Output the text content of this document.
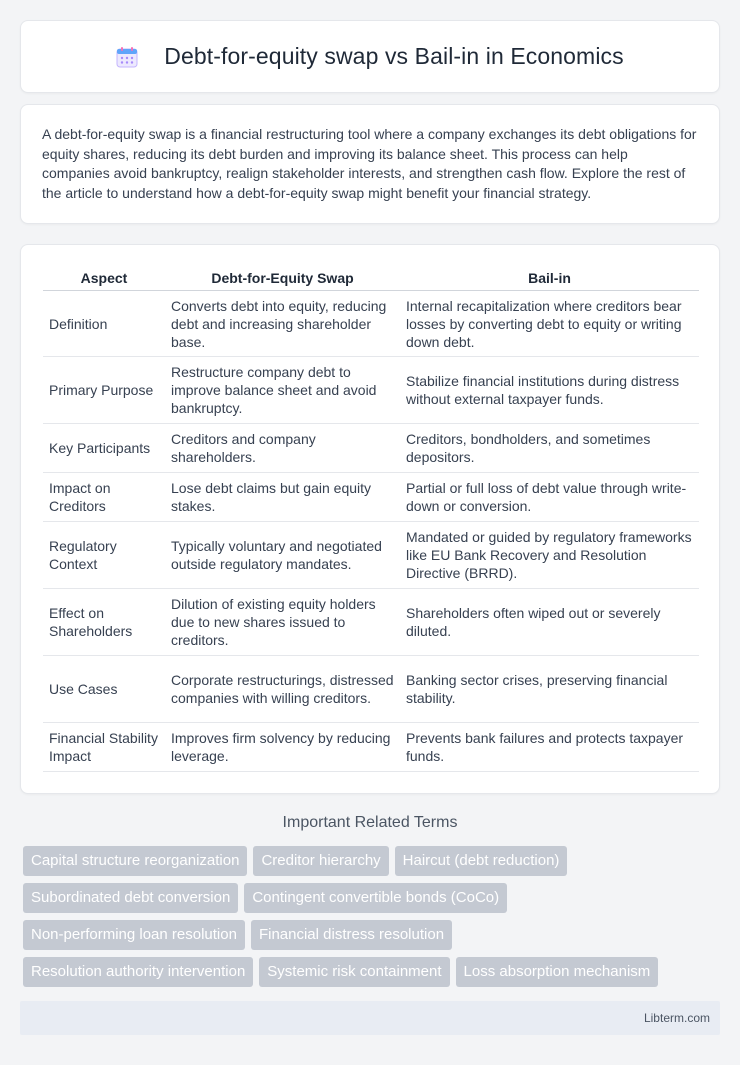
Debt-for-equity swap vs Bail-in in Economics

A debt-for-equity swap is a financial restructuring tool where a company exchanges its debt obligations for equity shares, reducing its debt burden and improving its balance sheet. This process can help companies avoid bankruptcy, realign stakeholder interests, and strengthen cash flow. Explore the rest of the article to understand how a debt-for-equity swap might benefit your financial strategy.

Aspect	Debt-for-Equity Swap	Bail-in
Definition	Converts debt into equity, reducing debt and increasing shareholder base.	Internal recapitalization where creditors bear losses by converting debt to equity or writing down debt.
Primary Purpose	Restructure company debt to improve balance sheet and avoid bankruptcy.	Stabilize financial institutions during distress without external taxpayer funds.
Key Participants	Creditors and company shareholders.	Creditors, bondholders, and sometimes depositors.
Impact on Creditors	Lose debt claims but gain equity stakes.	Partial or full loss of debt value through write-down or conversion.
Regulatory Context	Typically voluntary and negotiated outside regulatory mandates.	Mandated or guided by regulatory frameworks like EU Bank Recovery and Resolution Directive (BRRD).
Effect on Shareholders	Dilution of existing equity holders due to new shares issued to creditors.	Shareholders often wiped out or severely diluted.
Use Cases	Corporate restructurings, distressed companies with willing creditors.	Banking sector crises, preserving financial stability.
Financial Stability Impact	Improves firm solvency by reducing leverage.	Prevents bank failures and protects taxpayer funds.
Important Related Terms
Capital structure reorganization	Creditor hierarchy	Haircut (debt reduction)
Subordinated debt conversion	Contingent convertible bonds (CoCo)
Non-performing loan resolution	Financial distress resolution
Resolution authority intervention	Systemic risk containment	Loss absorption mechanism
Libterm.com
